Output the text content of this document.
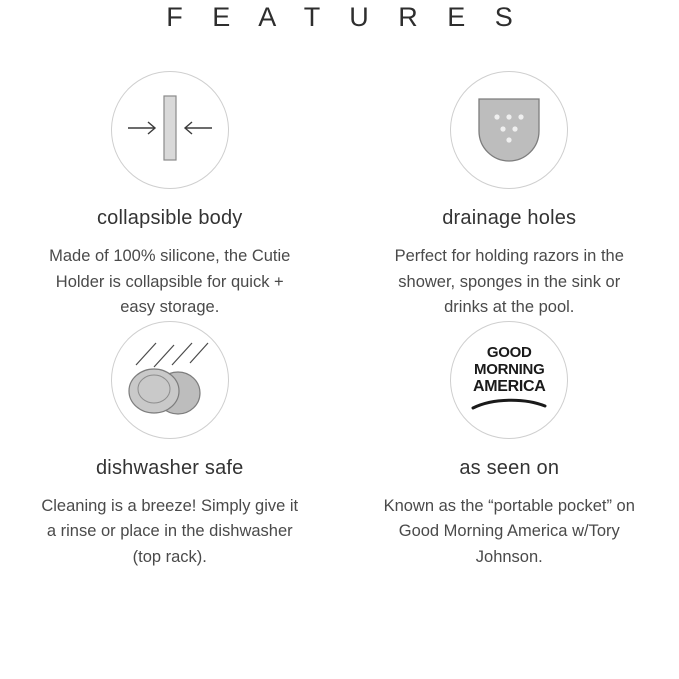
F E A T U R E S
collapsible body
Made of 100% silicone, the Cutie Holder is collapsible for quick + easy storage.
drainage holes
Perfect for holding razors in the shower, sponges in the sink or drinks at the pool.
dishwasher safe
Cleaning is a breeze! Simply give it a rinse or place in the dishwasher (top rack).
GOOD
MORNING
AMERICA
as seen on
Known as the “portable pocket” on Good Morning America w/Tory Johnson.
